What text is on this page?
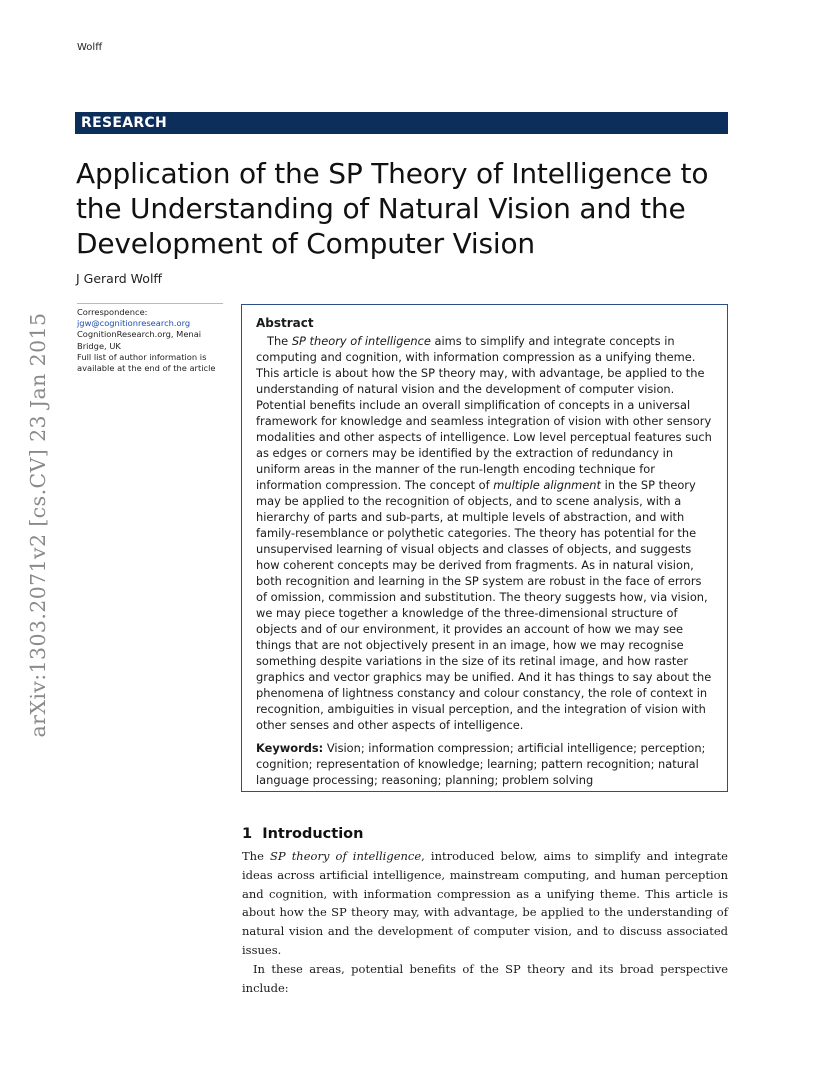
Wolff
RESEARCH
Application of the SP Theory of Intelligence to the Understanding of Natural Vision and the Development of Computer Vision
J Gerard Wolff
arXiv:1303.2071v2 [cs.CV] 23 Jan 2015
Correspondence:
jgw@cognitionresearch.org
CognitionResearch.org, Menai Bridge, UK
Full list of author information is available at the end of the article
Abstract

The SP theory of intelligence aims to simplify and integrate concepts in computing and cognition, with information compression as a unifying theme. This article is about how the SP theory may, with advantage, be applied to the understanding of natural vision and the development of computer vision. Potential benefits include an overall simplification of concepts in a universal framework for knowledge and seamless integration of vision with other sensory modalities and other aspects of intelligence. Low level perceptual features such as edges or corners may be identified by the extraction of redundancy in uniform areas in the manner of the run-length encoding technique for information compression. The concept of multiple alignment in the SP theory may be applied to the recognition of objects, and to scene analysis, with a hierarchy of parts and sub-parts, at multiple levels of abstraction, and with family-resemblance or polythetic categories. The theory has potential for the unsupervised learning of visual objects and classes of objects, and suggests how coherent concepts may be derived from fragments. As in natural vision, both recognition and learning in the SP system are robust in the face of errors of omission, commission and substitution. The theory suggests how, via vision, we may piece together a knowledge of the three-dimensional structure of objects and of our environment, it provides an account of how we may see things that are not objectively present in an image, how we may recognise something despite variations in the size of its retinal image, and how raster graphics and vector graphics may be unified. And it has things to say about the phenomena of lightness constancy and colour constancy, the role of context in recognition, ambiguities in visual perception, and the integration of vision with other senses and other aspects of intelligence.

Keywords: Vision; information compression; artificial intelligence; perception; cognition; representation of knowledge; learning; pattern recognition; natural language processing; reasoning; planning; problem solving

1 Introduction

The SP theory of intelligence, introduced below, aims to simplify and integrate ideas across artificial intelligence, mainstream computing, and human perception and cognition, with information compression as a unifying theme. This article is about how the SP theory may, with advantage, be applied to the understanding of natural vision and the development of computer vision, and to discuss associated issues.

In these areas, potential benefits of the SP theory and its broad perspective include:
